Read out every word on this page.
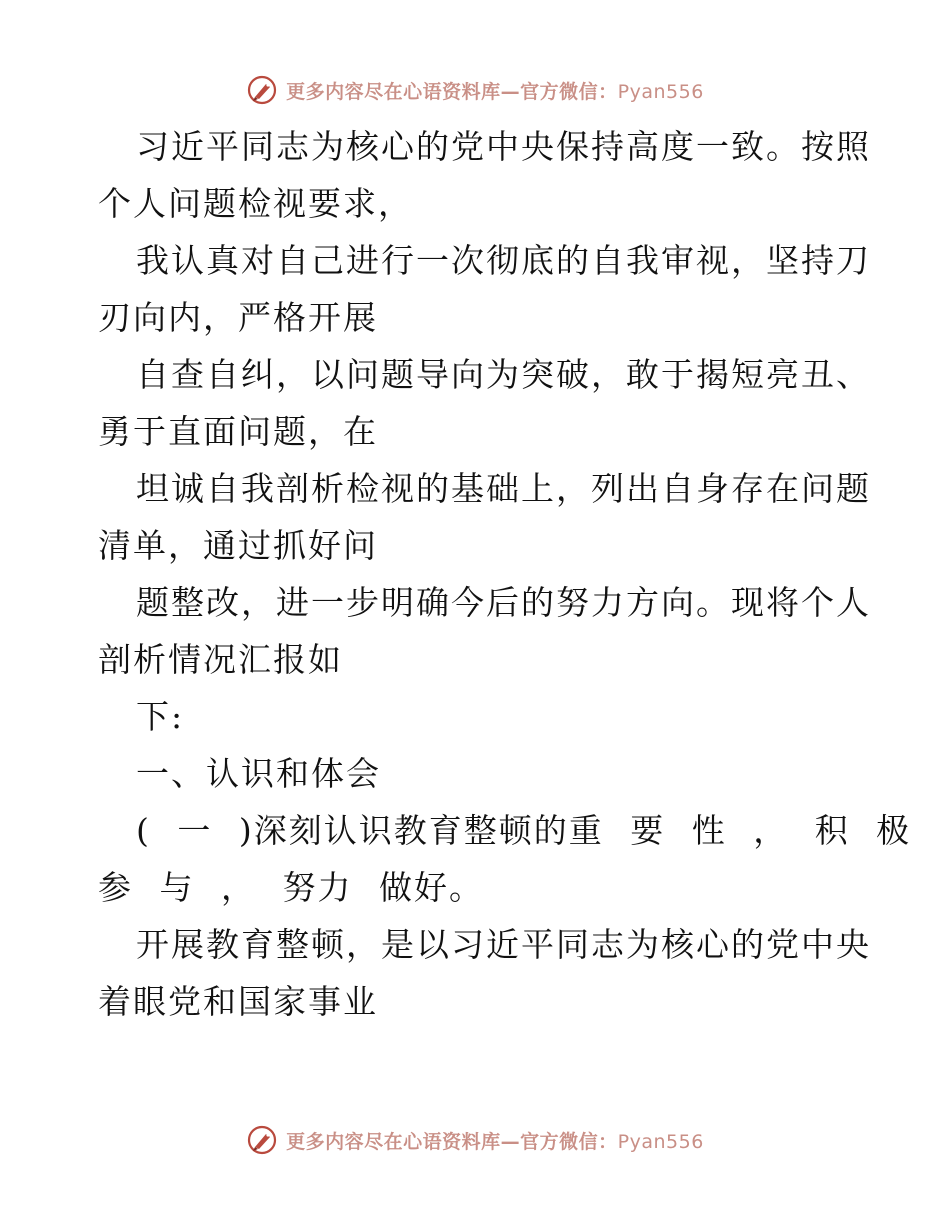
更多内容尽在心语资料库—官方微信：Pyan556
习近平同志为核心的党中央保持高度一致。按照
个人问题检视要求，
我认真对自己进行一次彻底的自我审视，坚持刀
刃向内，严格开展
自查自纠，以问题导向为突破，敢于揭短亮丑、
勇于直面问题，在
坦诚自我剖析检视的基础上，列出自身存在问题
清单，通过抓好问
题整改，进一步明确今后的努力方向。现将个人
剖析情况汇报如
下:
一、认识和体会
( 一 )深刻认识教育整顿的重 要 性 ， 积 极
参 与 ， 努力 做好。
开展教育整顿，是以习近平同志为核心的党中央
着眼党和国家事业
更多内容尽在心语资料库—官方微信：Pyan556
